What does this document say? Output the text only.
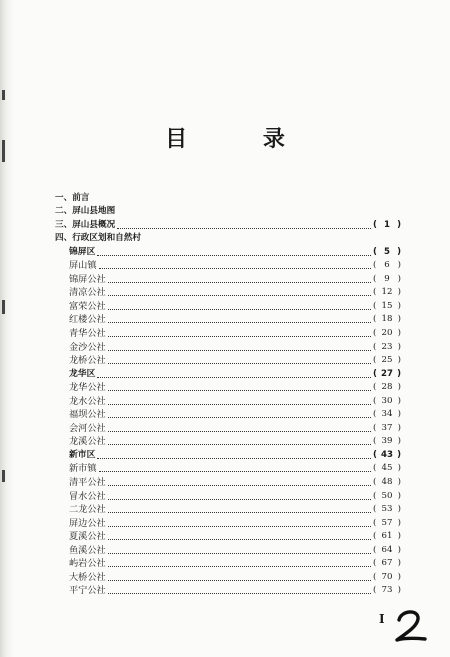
目 录
一、前言
二、屏山县地图
三、屏山县概况	( 1 )
四、行政区划和自然村
锦屏区	( 5 )
屏山镇	( 6 )
锦屏公社	( 9 )
清凉公社	( 12 )
富荣公社	( 15 )
红楼公社	( 18 )
青华公社	( 20 )
金沙公社	( 23 )
龙桥公社	( 25 )
龙华区	( 27 )
龙华公社	( 28 )
龙水公社	( 30 )
福坝公社	( 34 )
会河公社	( 37 )
龙溪公社	( 39 )
新市区	( 43 )
新市镇	( 45 )
清平公社	( 48 )
冒水公社	( 50 )
二龙公社	( 53 )
屏边公社	( 57 )
夏溪公社	( 61 )
鱼溪公社	( 64 )
屿岩公社	( 67 )
大桥公社	( 70 )
平宁公社	( 73 )
I
